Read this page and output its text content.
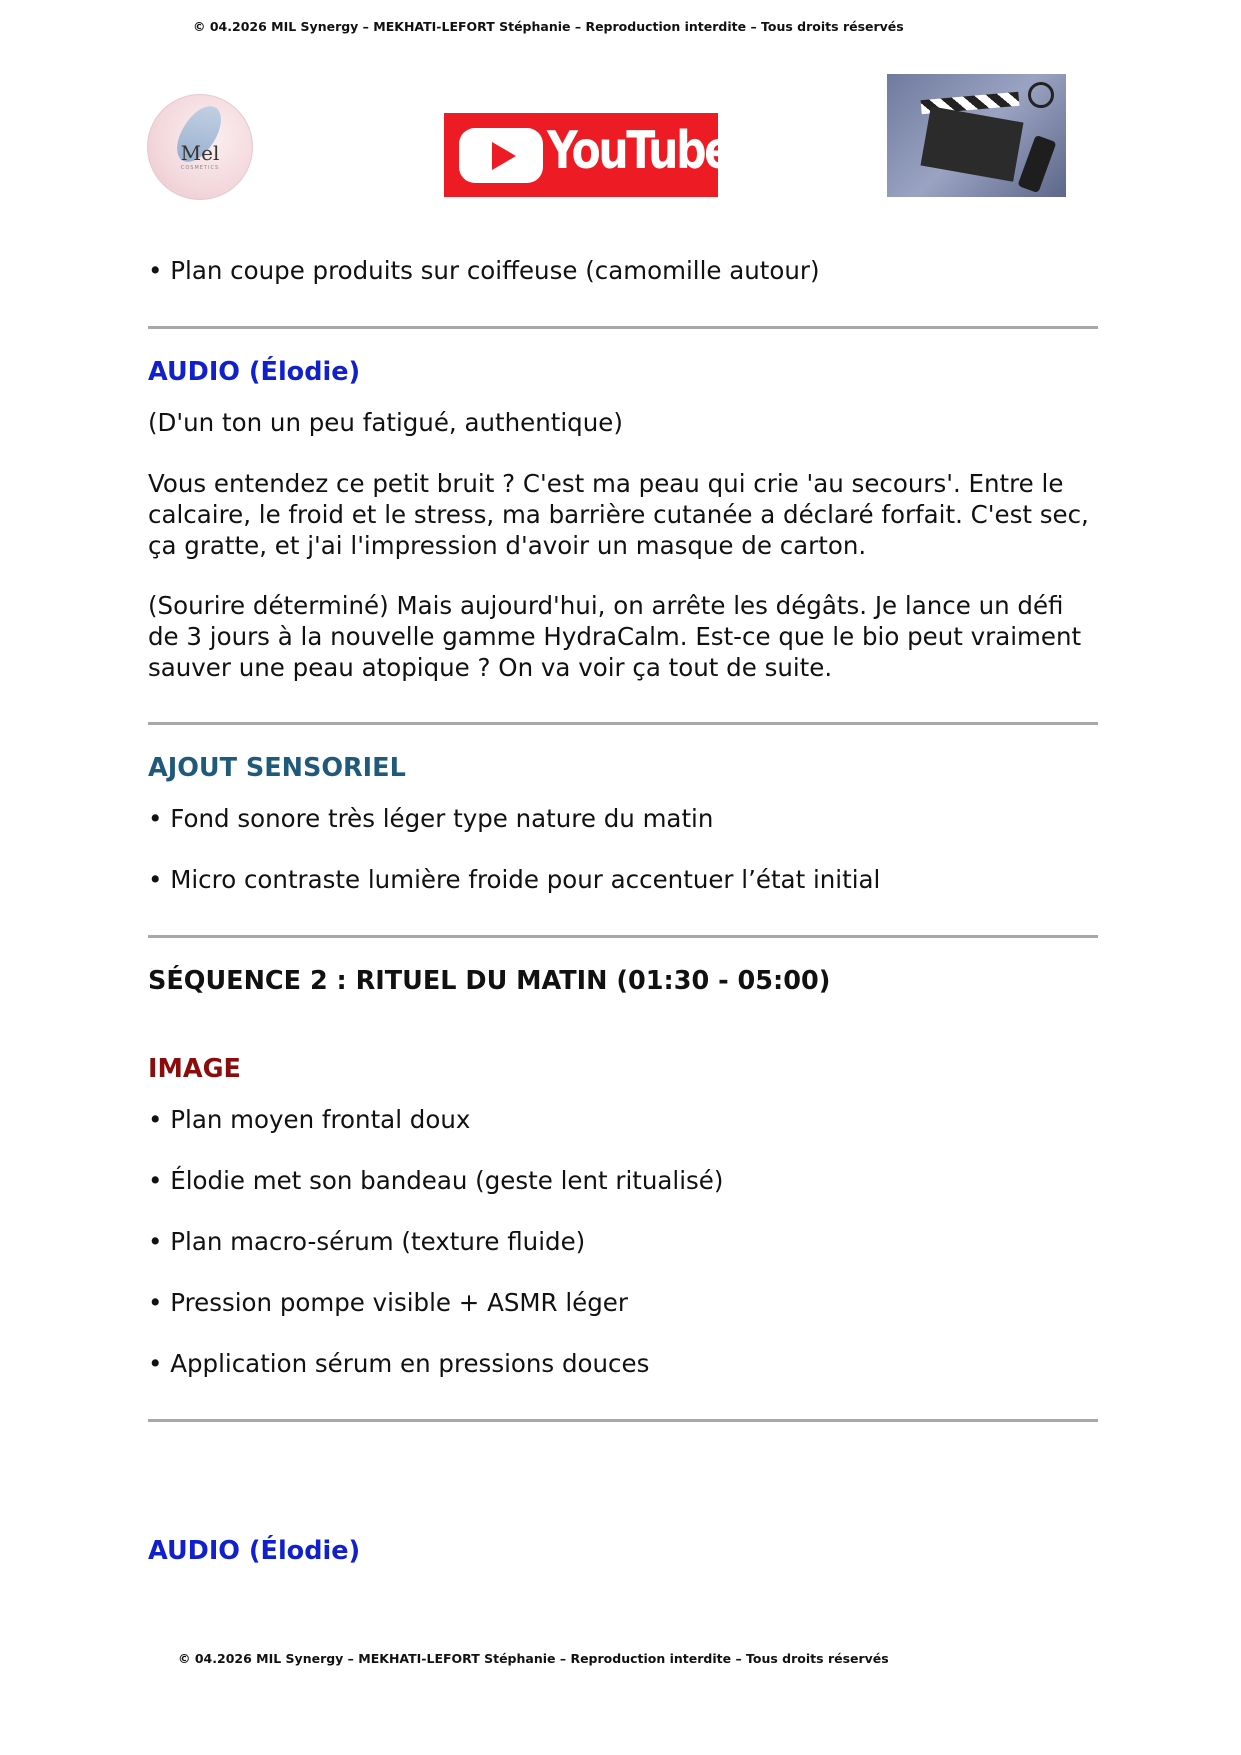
© 04.2026 MIL Synergy – MEKHATI-LEFORT Stéphanie – Reproduction interdite – Tous droits réservés
Mel
COSMETICS	YouTube

• Plan coupe produits sur coiffeuse (camomille autour)

AUDIO (Élodie)

(D'un ton un peu fatigué, authentique)

Vous entendez ce petit bruit ? C'est ma peau qui crie 'au secours'. Entre le calcaire, le froid et le stress, ma barrière cutanée a déclaré forfait. C'est sec, ça gratte, et j'ai l'impression d'avoir un masque de carton.

(Sourire déterminé) Mais aujourd'hui, on arrête les dégâts. Je lance un défi de 3 jours à la nouvelle gamme HydraCalm. Est-ce que le bio peut vraiment sauver une peau atopique ? On va voir ça tout de suite.

AJOUT SENSORIEL

• Fond sonore très léger type nature du matin

• Micro contraste lumière froide pour accentuer l’état initial

SÉQUENCE 2 : RITUEL DU MATIN (01:30 - 05:00)
IMAGE

• Plan moyen frontal doux

• Élodie met son bandeau (geste lent ritualisé)

• Plan macro-sérum (texture fluide)

• Pression pompe visible + ASMR léger

• Application sérum en pressions douces

AUDIO (Élodie)
© 04.2026 MIL Synergy – MEKHATI-LEFORT Stéphanie – Reproduction interdite – Tous droits réservés
